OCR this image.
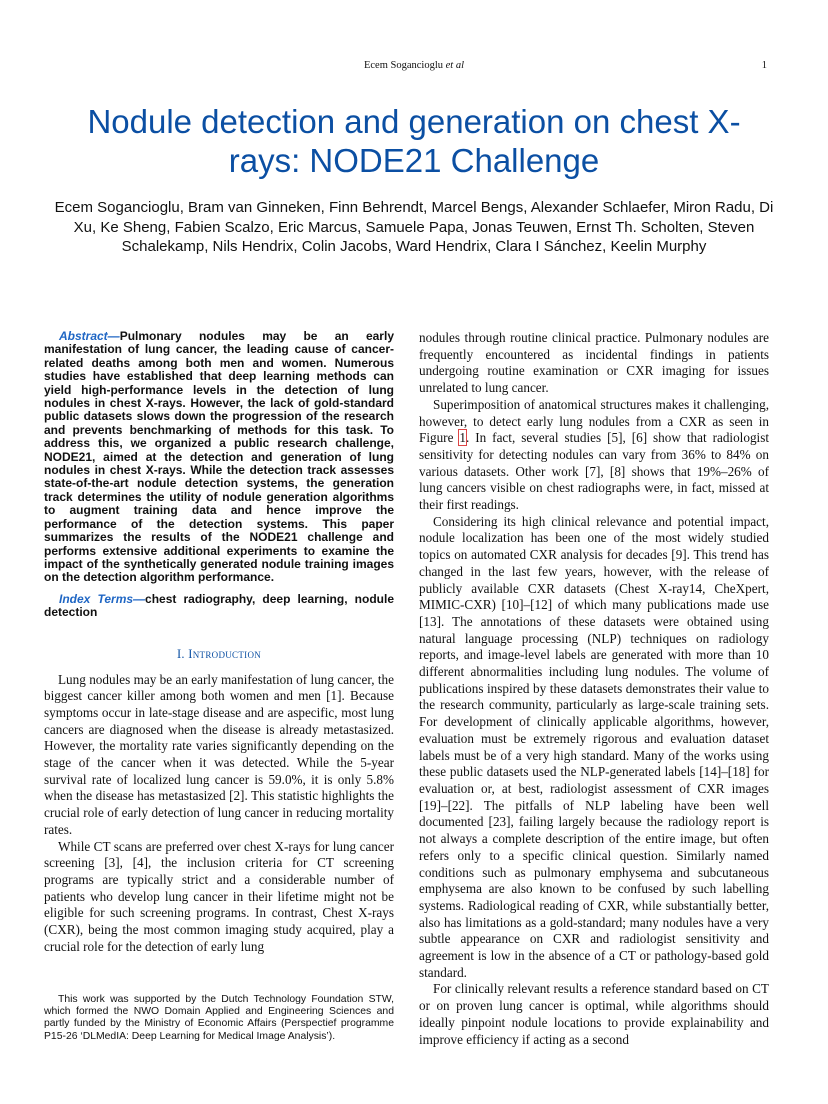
Ecem Sogancioglu et al	1
Nodule detection and generation on chest X-rays: NODE21 Challenge

Ecem Sogancioglu, Bram van Ginneken, Finn Behrendt, Marcel Bengs, Alexander Schlaefer, Miron Radu, Di Xu, Ke Sheng, Fabien Scalzo, Eric Marcus, Samuele Papa, Jonas Teuwen, Ernst Th. Scholten, Steven Schalekamp, Nils Hendrix, Colin Jacobs, Ward Hendrix, Clara I Sánchez, Keelin Murphy

Abstract—Pulmonary nodules may be an early manifestation of lung cancer, the leading cause of cancer-related deaths among both men and women. Numerous studies have established that deep learning methods can yield high-performance levels in the detection of lung nodules in chest X-rays. However, the lack of gold-standard public datasets slows down the progression of the research and prevents benchmarking of methods for this task. To address this, we organized a public research challenge, NODE21, aimed at the detection and generation of lung nodules in chest X-rays. While the detection track assesses state-of-the-art nodule detection systems, the generation track determines the utility of nodule generation algorithms to augment training data and hence improve the performance of the detection systems. This paper summarizes the results of the NODE21 challenge and performs extensive additional experiments to examine the impact of the synthetically generated nodule training images on the detection algorithm performance.

Index Terms—chest radiography, deep learning, nodule detection

I. Introduction

Lung nodules may be an early manifestation of lung cancer, the biggest cancer killer among both women and men [1]. Because symptoms occur in late-stage disease and are aspecific, most lung cancers are diagnosed when the disease is already metastasized. However, the mortality rate varies significantly depending on the stage of the cancer when it was detected. While the 5-year survival rate of localized lung cancer is 59.0%, it is only 5.8% when the disease has metastasized [2]. This statistic highlights the crucial role of early detection of lung cancer in reducing mortality rates.

While CT scans are preferred over chest X-rays for lung cancer screening [3], [4], the inclusion criteria for CT screening programs are typically strict and a considerable number of patients who develop lung cancer in their lifetime might not be eligible for such screening programs. In contrast, Chest X-rays (CXR), being the most common imaging study acquired, play a crucial role for the detection of early lung

nodules through routine clinical practice. Pulmonary nodules are frequently encountered as incidental findings in patients undergoing routine examination or CXR imaging for issues unrelated to lung cancer.

Superimposition of anatomical structures makes it challenging, however, to detect early lung nodules from a CXR as seen in Figure 1. In fact, several studies [5], [6] show that radiologist sensitivity for detecting nodules can vary from 36% to 84% on various datasets. Other work [7], [8] shows that 19%–26% of lung cancers visible on chest radiographs were, in fact, missed at their first readings.

Considering its high clinical relevance and potential impact, nodule localization has been one of the most widely studied topics on automated CXR analysis for decades [9]. This trend has changed in the last few years, however, with the release of publicly available CXR datasets (Chest X-ray14, CheXpert, MIMIC-CXR) [10]–[12] of which many publications made use [13]. The annotations of these datasets were obtained using natural language processing (NLP) techniques on radiology reports, and image-level labels are generated with more than 10 different abnormalities including lung nodules. The volume of publications inspired by these datasets demonstrates their value to the research community, particularly as large-scale training sets. For development of clinically applicable algorithms, however, evaluation must be extremely rigorous and evaluation dataset labels must be of a very high standard. Many of the works using these public datasets used the NLP-generated labels [14]–[18] for evaluation or, at best, radiologist assessment of CXR images [19]–[22]. The pitfalls of NLP labeling have been well documented [23], failing largely because the radiology report is not always a complete description of the entire image, but often refers only to a specific clinical question. Similarly named conditions such as pulmonary emphysema and subcutaneous emphysema are also known to be confused by such labelling systems. Radiological reading of CXR, while substantially better, also has limitations as a gold-standard; many nodules have a very subtle appearance on CXR and radiologist sensitivity and agreement is low in the absence of a CT or pathology-based gold standard.

For clinically relevant results a reference standard based on CT or on proven lung cancer is optimal, while algorithms should ideally pinpoint nodule locations to provide explainability and improve efficiency if acting as a second

This work was supported by the Dutch Technology Foundation STW, which formed the NWO Domain Applied and Engineering Sciences and partly funded by the Ministry of Economic Affairs (Perspectief programme P15-26 ‘DLMedIA: Deep Learning for Medical Image Analysis’).
